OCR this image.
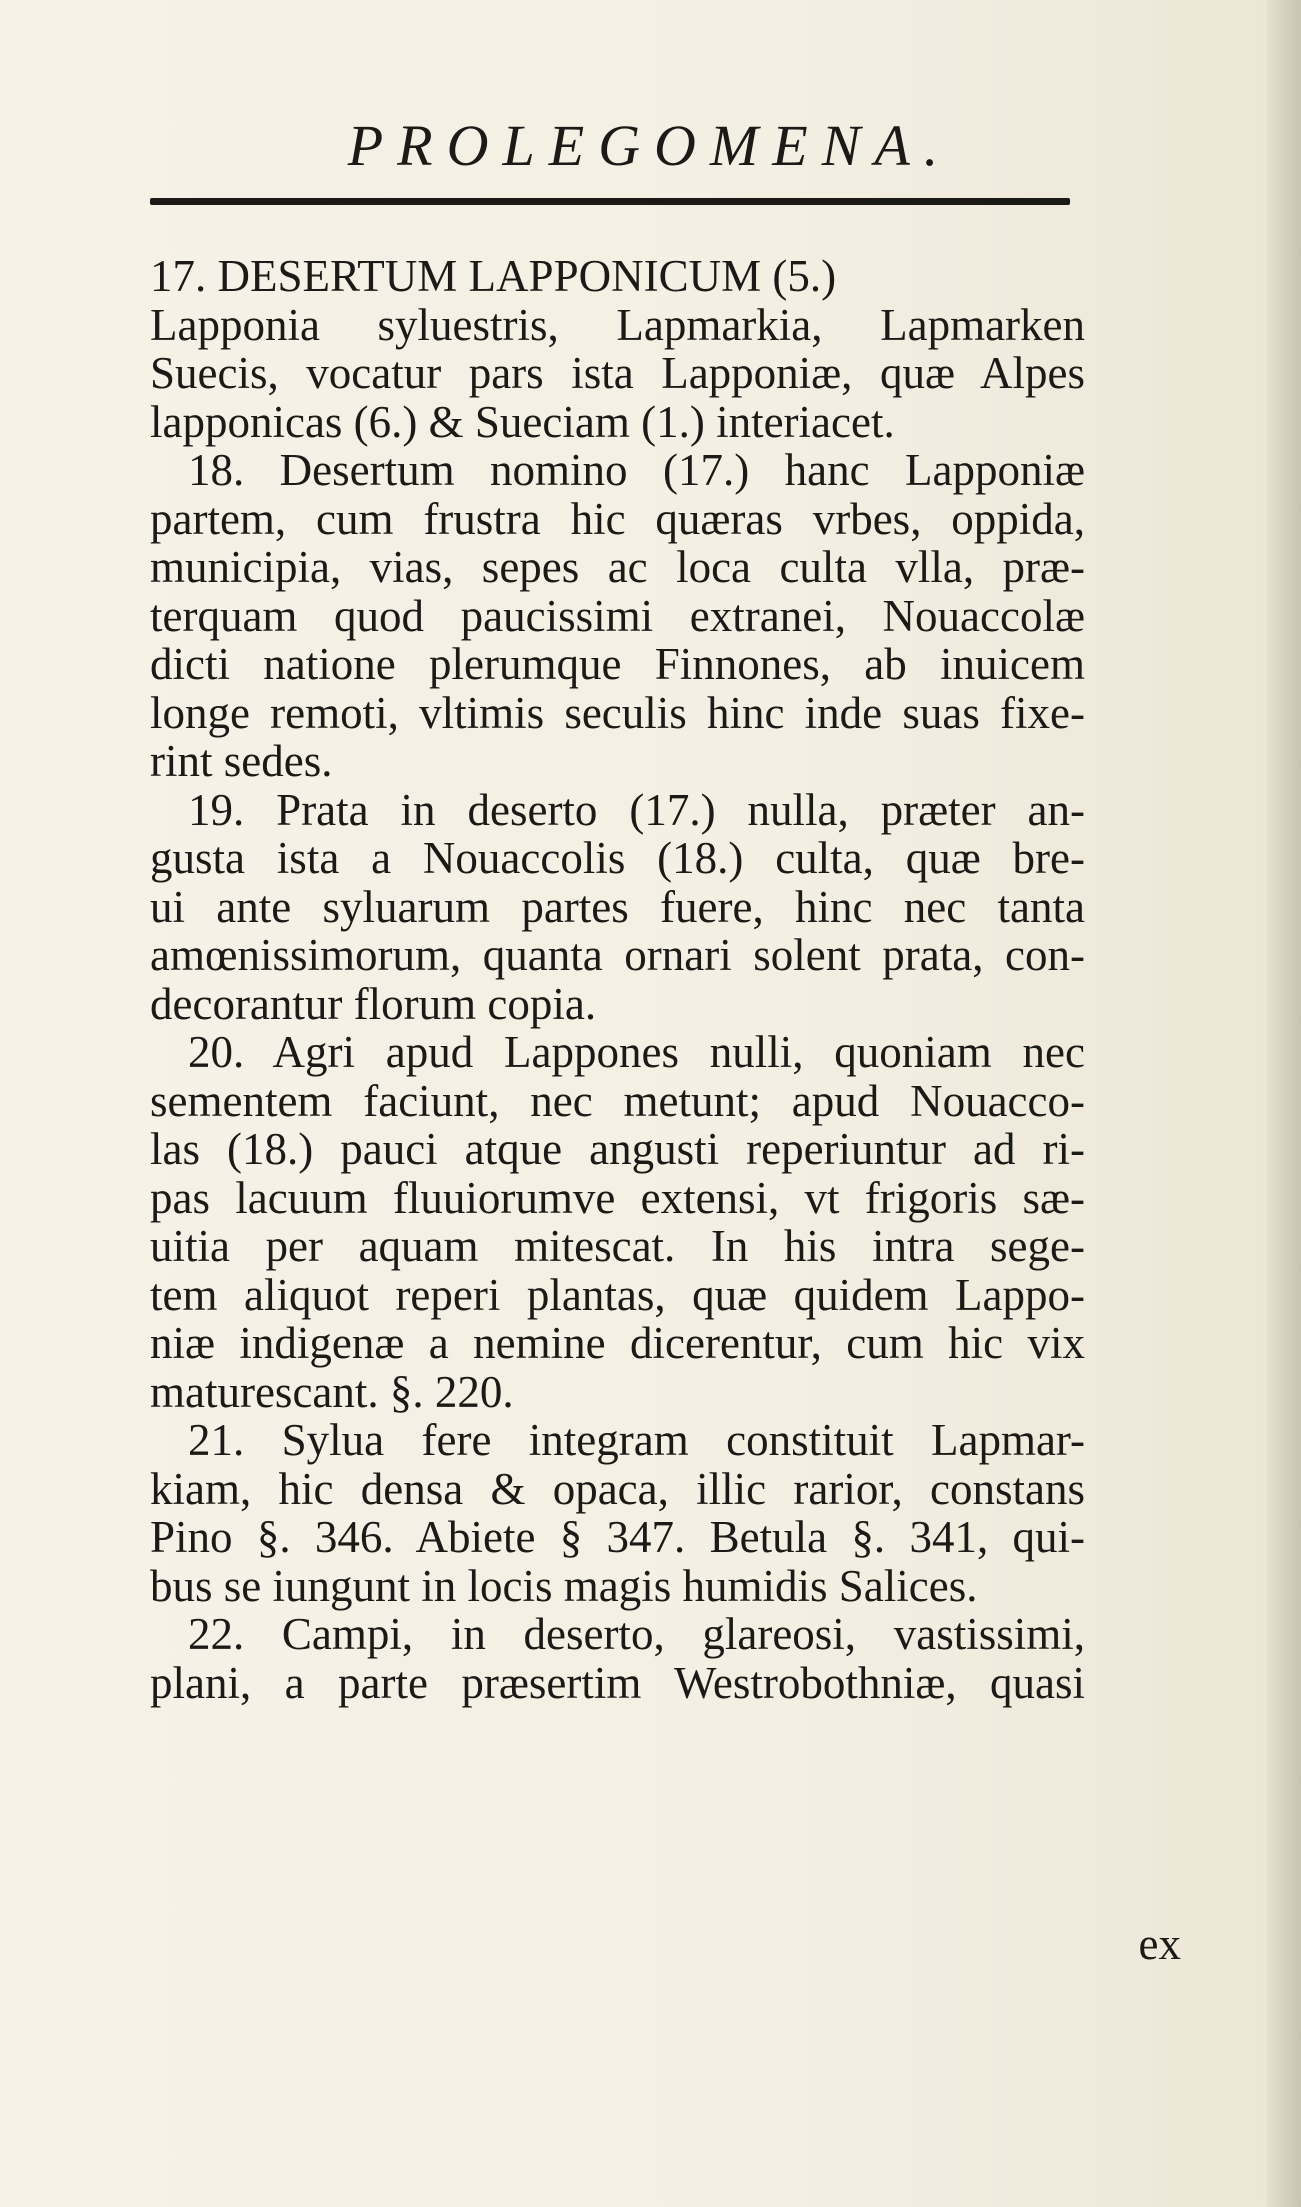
PROLEGOMENA.
17. DESERTUM LAPPONICUM (5.)
Lapponia syluestris, Lapmarkia, Lapmarken
Suecis, vocatur pars ista Lapponiæ, quæ Alpes
lapponicas (6.) & Sueciam (1.) interiacet.
18. Desertum nomino (17.) hanc Lapponiæ
partem, cum frustra hic quæras vrbes, oppida,
municipia, vias, sepes ac loca culta vlla, præ-
terquam quod paucissimi extranei, Nouaccolæ
dicti natione plerumque Finnones, ab inuicem
longe remoti, vltimis seculis hinc inde suas fixe-
rint sedes.
19. Prata in deserto (17.) nulla, præter an-
gusta ista a Nouaccolis (18.) culta, quæ bre-
ui ante syluarum partes fuere, hinc nec tanta
amœnissimorum, quanta ornari solent prata, con-
decorantur florum copia.
20. Agri apud Lappones nulli, quoniam nec
sementem faciunt, nec metunt; apud Nouacco-
las (18.) pauci atque angusti reperiuntur ad ri-
pas lacuum fluuiorumve extensi, vt frigoris sæ-
uitia per aquam mitescat. In his intra sege-
tem aliquot reperi plantas, quæ quidem Lappo-
niæ indigenæ a nemine dicerentur, cum hic vix
maturescant. §. 220.
21. Sylua fere integram constituit Lapmar-
kiam, hic densa & opaca, illic rarior, constans
Pino §. 346. Abiete § 347. Betula §. 341, qui-
bus se iungunt in locis magis humidis Salices.
22. Campi, in deserto, glareosi, vastissimi,
plani, a parte præsertim Westrobothniæ, quasi
ex
